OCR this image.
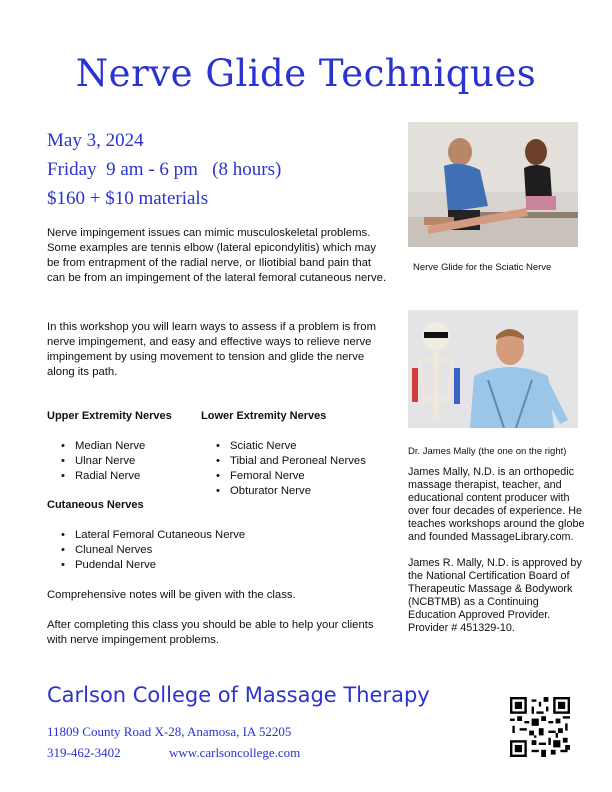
Nerve Glide Techniques
May 3, 2024
Friday  9 am - 6 pm   (8 hours)
$160 + $10 materials

Nerve impingement issues can mimic musculoskeletal problems. Some examples are tennis elbow (lateral epicondylitis) which may be from entrapment of the radial nerve, or Iliotibial band pain that can be from an impingement of the lateral femoral cutaneous nerve.

In this workshop you will learn ways to assess if a problem is from nerve impingement, and easy and effective ways to relieve nerve impingement by using movement to tension and glide the nerve along its path.

Upper Extremity Nerves
• Median Nerve
• Ulnar Nerve
• Radial Nerve
Lower Extremity Nerves
• Sciatic Nerve
• Tibial and Peroneal Nerves
• Femoral Nerve
• Obturator Nerve
Cutaneous Nerves
• Lateral Femoral Cutaneous Nerve
• Cluneal Nerves
• Pudendal Nerve

Comprehensive notes will be given with the class.

After completing this class you should be able to help your clients with nerve impingement problems.

Nerve Glide for the Sciatic Nerve
Dr. James Mally (the one on the right)

James Mally, N.D. is an orthopedic massage therapist, teacher, and educational content producer with over four decades of experience. He teaches workshops around the globe and founded MassageLibrary.com.

James R. Mally, N.D. is approved by the National Certification Board of Therapeutic Massage & Bodywork (NCBTMB) as a Continuing Education Approved Provider. Provider # 451329-10.

Carlson College of Massage Therapy
11809 County Road X-28, Anamosa, IA 52205
319-462-3402	www.carlsoncollege.com
